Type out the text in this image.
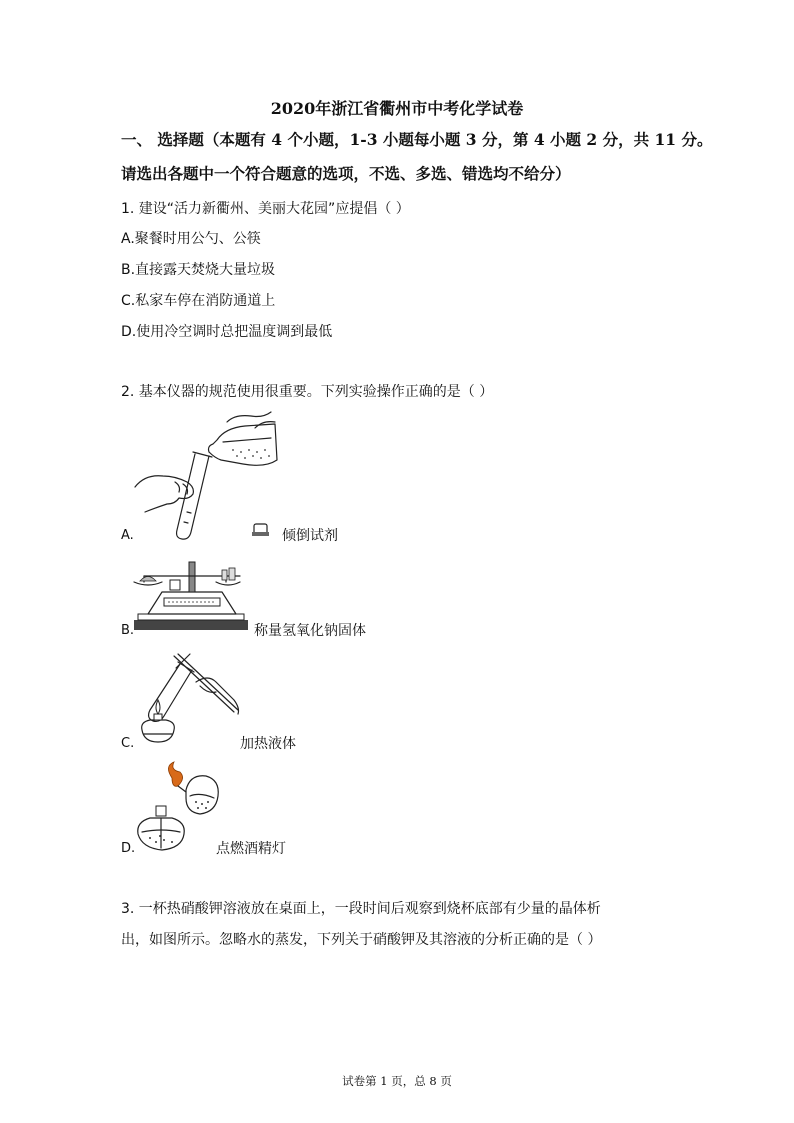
2020年浙江省衢州市中考化学试卷
一、 选择题（本题有 4 个小题，1-3 小题每小题 3 分，第 4 小题 2 分，共 11 分。
请选出各题中一个符合题意的选项，不选、多选、错选均不给分）
1. 建设“活力新衢州、美丽大花园”应提倡（ ）
A.聚餐时用公勺、公筷
B.直接露天焚烧大量垃圾
C.私家车停在消防通道上
D.使用冷空调时总把温度调到最低
2. 基本仪器的规范使用很重要。下列实验操作正确的是（ ）
A.	倾倒试剂
B.	称量氢氧化钠固体
C.	加热液体
D.	点燃酒精灯
3. 一杯热硝酸钾溶液放在桌面上，一段时间后观察到烧杯底部有少量的晶体析
出，如图所示。忽略水的蒸发，下列关于硝酸钾及其溶液的分析正确的是（ ）
试卷第 1 页，总 8 页
